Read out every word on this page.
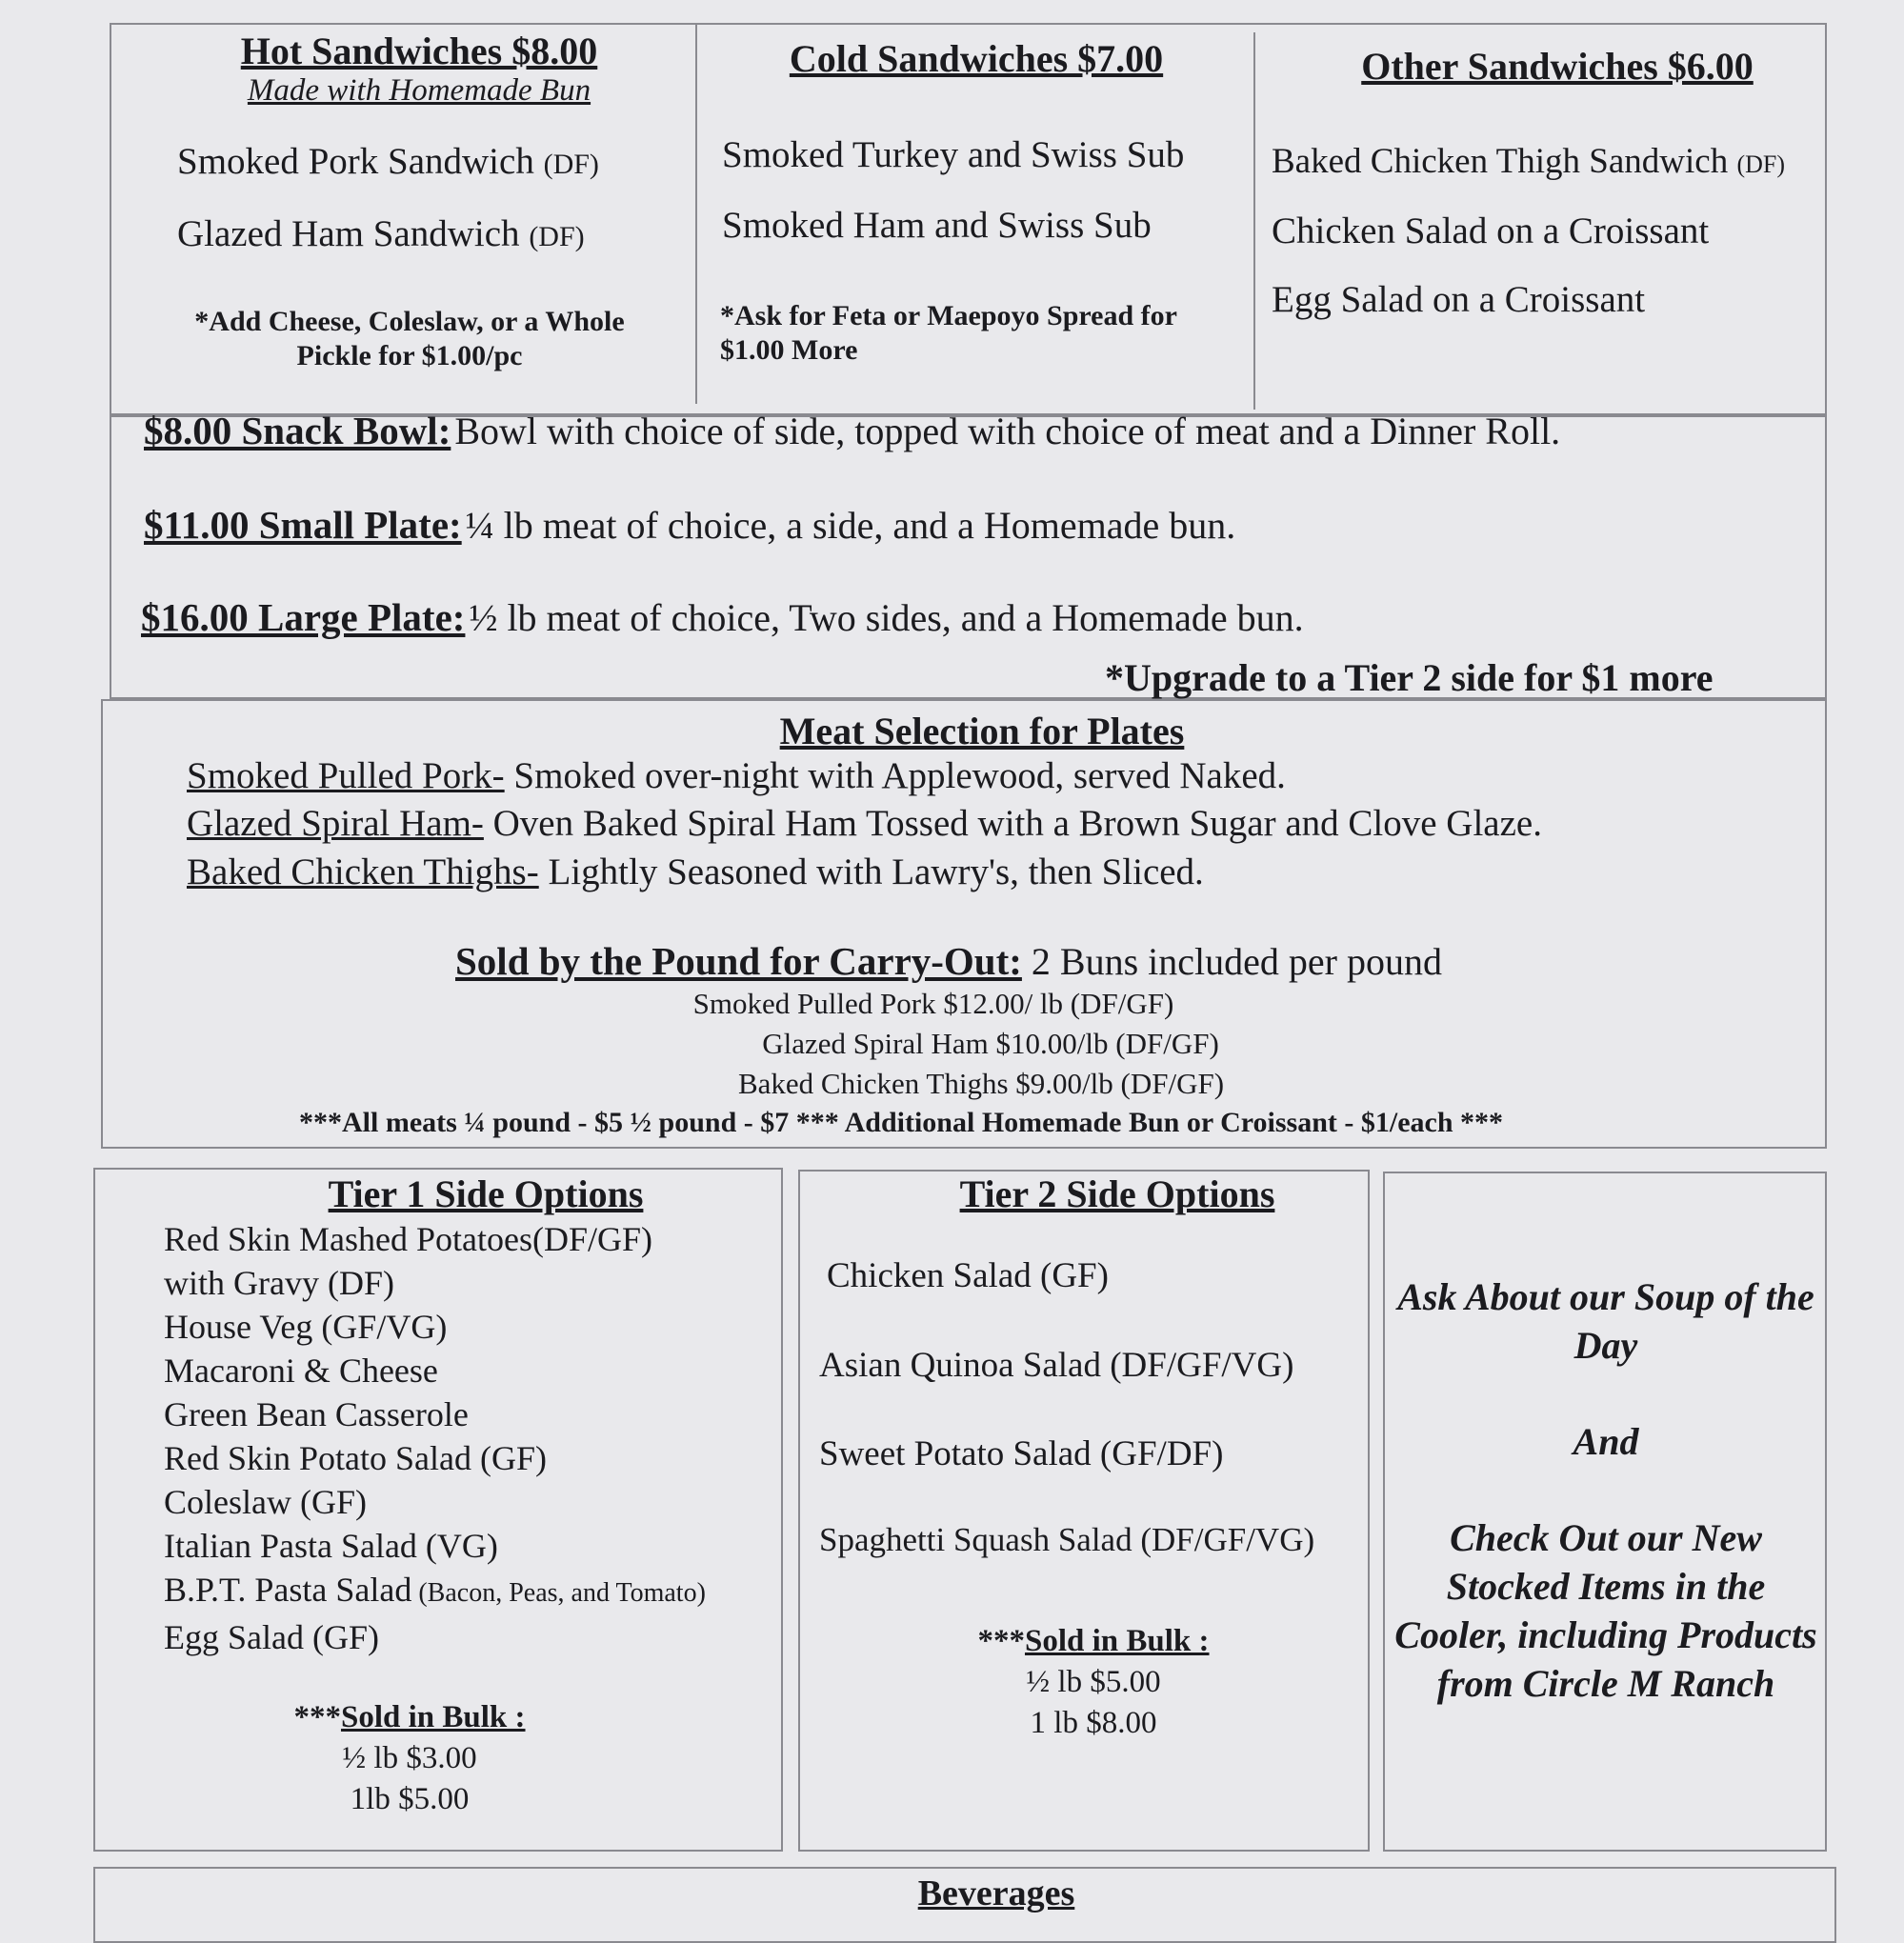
Hot Sandwiches $8.00
Made with Homemade Bun
Smoked Pork Sandwich (DF)
Glazed Ham Sandwich (DF)
*Add Cheese, Coleslaw, or a Whole Pickle for $1.00/pc
Cold Sandwiches $7.00
Smoked Turkey and Swiss Sub
Smoked Ham and Swiss Sub
*Ask for Feta or Maepoyo Spread for $1.00 More
Other Sandwiches $6.00
Baked Chicken Thigh Sandwich (DF)
Chicken Salad on a Croissant
Egg Salad on a Croissant
$8.00 Snack Bowl: Bowl with choice of side, topped with choice of meat and a Dinner Roll.
$11.00 Small Plate: ¼ lb meat of choice, a side, and a Homemade bun.
$16.00 Large Plate: ½ lb meat of choice, Two sides, and a Homemade bun.
*Upgrade to a Tier 2 side for $1 more
Meat Selection for Plates
Smoked Pulled Pork- Smoked over-night with Applewood, served Naked.
Glazed Spiral Ham- Oven Baked Spiral Ham Tossed with a Brown Sugar and Clove Glaze.
Baked Chicken Thighs- Lightly Seasoned with Lawry's, then Sliced.
Sold by the Pound for Carry-Out: 2 Buns included per pound
Smoked Pulled Pork $12.00/ lb (DF/GF)
Glazed Spiral Ham $10.00/lb (DF/GF)
Baked Chicken Thighs $9.00/lb (DF/GF)
***All meats ¼ pound - $5 ½ pound - $7 *** Additional Homemade Bun or Croissant - $1/each ***
Tier 1 Side Options
Red Skin Mashed Potatoes(DF/GF)
with Gravy (DF)
House Veg (GF/VG)
Macaroni & Cheese
Green Bean Casserole
Red Skin Potato Salad (GF)
Coleslaw (GF)
Italian Pasta Salad (VG)
B.P.T. Pasta Salad (Bacon, Peas, and Tomato)
Egg Salad (GF)
***Sold in Bulk :
½ lb $3.00
1lb $5.00
Tier 2 Side Options
Chicken Salad (GF)
Asian Quinoa Salad (DF/GF/VG)
Sweet Potato Salad (GF/DF)
Spaghetti Squash Salad (DF/GF/VG)
***Sold in Bulk :
½ lb $5.00
1 lb $8.00
Ask About our Soup of the Day
And
Check Out our New Stocked Items in the Cooler, including Products from Circle M Ranch
Beverages
